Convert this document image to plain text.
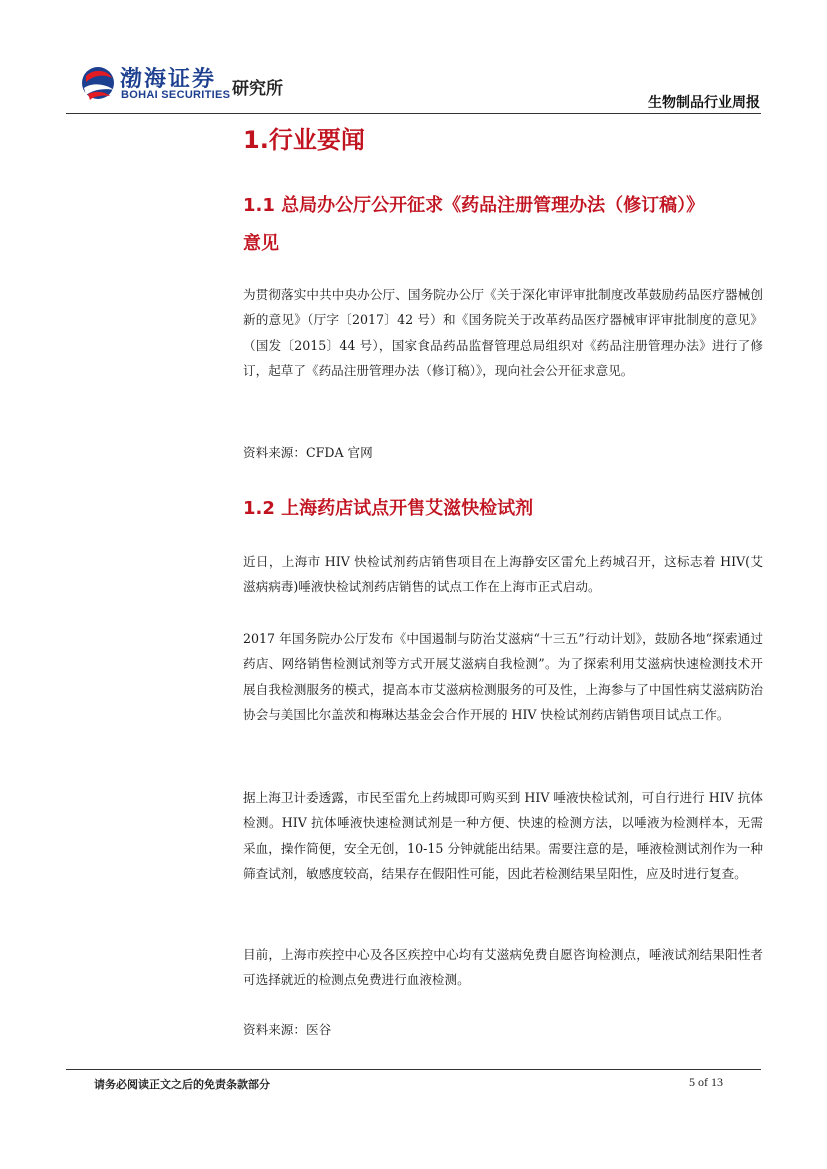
渤海证券
BOHAI SECURITIES 研究所
生物制品行业周报
1.行业要闻
1.1 总局办公厅公开征求《药品注册管理办法（修订稿）》
意见

为贯彻落实中共中央办公厅、国务院办公厅《关于深化审评审批制度改革鼓励药品医疗器械创新的意见》（厅字〔2017〕42 号）和《国务院关于改革药品医疗器械审评审批制度的意见》（国发〔2015〕44 号），国家食品药品监督管理总局组织对《药品注册管理办法》进行了修订，起草了《药品注册管理办法（修订稿）》，现向社会公开征求意见。

资料来源：CFDA 官网

1.2 上海药店试点开售艾滋快检试剂

近日，上海市 HIV 快检试剂药店销售项目在上海静安区雷允上药城召开，这标志着 HIV(艾滋病病毒)唾液快检试剂药店销售的试点工作在上海市正式启动。

2017 年国务院办公厅发布《中国遏制与防治艾滋病“十三五”行动计划》，鼓励各地“探索通过药店、网络销售检测试剂等方式开展艾滋病自我检测”。为了探索利用艾滋病快速检测技术开展自我检测服务的模式，提高本市艾滋病检测服务的可及性，上海参与了中国性病艾滋病防治协会与美国比尔盖茨和梅琳达基金会合作开展的 HIV 快检试剂药店销售项目试点工作。

据上海卫计委透露，市民至雷允上药城即可购买到 HIV 唾液快检试剂，可自行进行 HIV 抗体检测。HIV 抗体唾液快速检测试剂是一种方便、快速的检测方法，以唾液为检测样本，无需采血，操作简便，安全无创，10-15 分钟就能出结果。需要注意的是，唾液检测试剂作为一种筛查试剂，敏感度较高，结果存在假阳性可能，因此若检测结果呈阳性，应及时进行复查。

目前，上海市疾控中心及各区疾控中心均有艾滋病免费自愿咨询检测点，唾液试剂结果阳性者可选择就近的检测点免费进行血液检测。

资料来源：医谷

请务必阅读正文之后的免责条款部分	5 of 13
